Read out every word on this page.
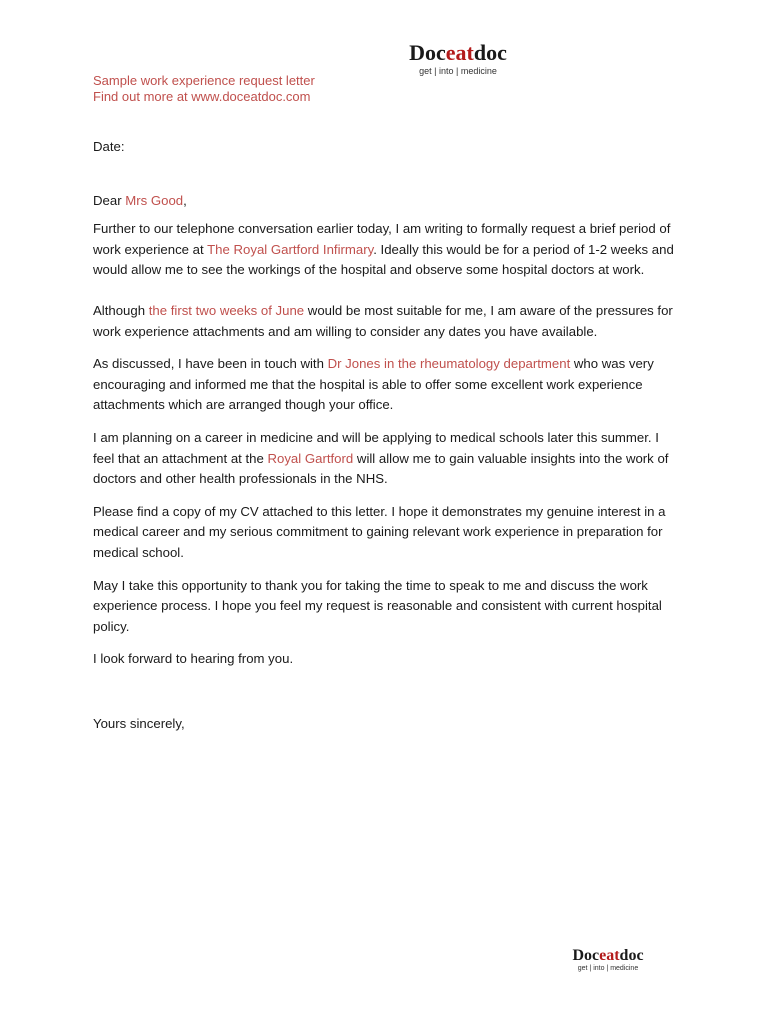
Doceatdoc
get | into | medicine
Sample work experience request letter
Find out more at www.doceatdoc.com

Date:

Dear Mrs Good,

Further to our telephone conversation earlier today, I am writing to formally request a brief period of work experience at The Royal Gartford Infirmary. Ideally this would be for a period of 1-2 weeks and would allow me to see the workings of the hospital and observe some hospital doctors at work.

Although the first two weeks of June would be most suitable for me, I am aware of the pressures for work experience attachments and am willing to consider any dates you have available.

As discussed, I have been in touch with Dr Jones in the rheumatology department who was very encouraging and informed me that the hospital is able to offer some excellent work experience attachments which are arranged though your office.

I am planning on a career in medicine and will be applying to medical schools later this summer. I feel that an attachment at the Royal Gartford will allow me to gain valuable insights into the work of doctors and other health professionals in the NHS.

Please find a copy of my CV attached to this letter. I hope it demonstrates my genuine interest in a medical career and my serious commitment to gaining relevant work experience in preparation for medical school.

May I take this opportunity to thank you for taking the time to speak to me and discuss the work experience process. I hope you feel my request is reasonable and consistent with current hospital policy.

I look forward to hearing from you.

Yours sincerely,

Doceatdoc
get | into | medicine
